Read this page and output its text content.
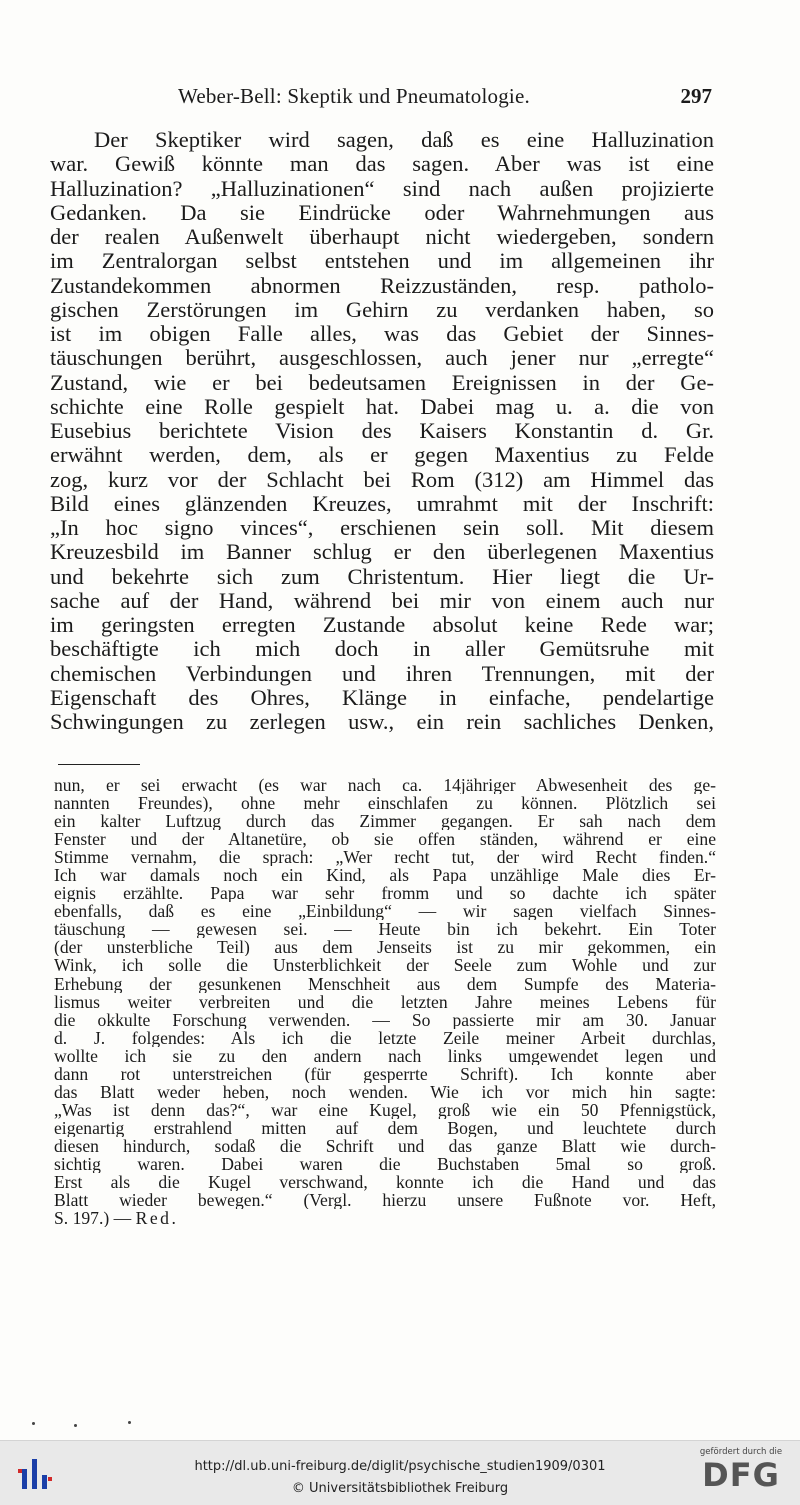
Weber-Bell: Skeptik und Pneumatologie.	297
Der Skeptiker wird sagen, daß es eine Halluzination
war. Gewiß könnte man das sagen. Aber was ist eine
Halluzination? „Halluzinationen“ sind nach außen projizierte
Gedanken. Da sie Eindrücke oder Wahrnehmungen aus
der realen Außenwelt überhaupt nicht wiedergeben, sondern
im Zentralorgan selbst entstehen und im allgemeinen ihr
Zustandekommen abnormen Reizzuständen, resp. patholo-
gischen Zerstörungen im Gehirn zu verdanken haben, so
ist im obigen Falle alles, was das Gebiet der Sinnes-
täuschungen berührt, ausgeschlossen, auch jener nur „erregte“
Zustand, wie er bei bedeutsamen Ereignissen in der Ge-
schichte eine Rolle gespielt hat. Dabei mag u. a. die von
Eusebius berichtete Vision des Kaisers Konstantin d. Gr.
erwähnt werden, dem, als er gegen Maxentius zu Felde
zog, kurz vor der Schlacht bei Rom (312) am Himmel das
Bild eines glänzenden Kreuzes, umrahmt mit der Inschrift:
„In hoc signo vinces“, erschienen sein soll. Mit diesem
Kreuzesbild im Banner schlug er den überlegenen Maxentius
und bekehrte sich zum Christentum. Hier liegt die Ur-
sache auf der Hand, während bei mir von einem auch nur
im geringsten erregten Zustande absolut keine Rede war;
beschäftigte ich mich doch in aller Gemütsruhe mit
chemischen Verbindungen und ihren Trennungen, mit der
Eigenschaft des Ohres, Klänge in einfache, pendelartige
Schwingungen zu zerlegen usw., ein rein sachliches Denken,
nun, er sei erwacht (es war nach ca. 14jähriger Abwesenheit des ge-
nannten Freundes), ohne mehr einschlafen zu können. Plötzlich sei
ein kalter Luftzug durch das Zimmer gegangen. Er sah nach dem
Fenster und der Altanetüre, ob sie offen ständen, während er eine
Stimme vernahm, die sprach: „Wer recht tut, der wird Recht finden.“
Ich war damals noch ein Kind, als Papa unzählige Male dies Er-
eignis erzählte. Papa war sehr fromm und so dachte ich später
ebenfalls, daß es eine „Einbildung“ — wir sagen vielfach Sinnes-
täuschung — gewesen sei. — Heute bin ich bekehrt. Ein Toter
(der unsterbliche Teil) aus dem Jenseits ist zu mir gekommen, ein
Wink, ich solle die Unsterblichkeit der Seele zum Wohle und zur
Erhebung der gesunkenen Menschheit aus dem Sumpfe des Materia-
lismus weiter verbreiten und die letzten Jahre meines Lebens für
die okkulte Forschung verwenden. — So passierte mir am 30. Januar
d. J. folgendes: Als ich die letzte Zeile meiner Arbeit durchlas,
wollte ich sie zu den andern nach links umgewendet legen und
dann rot unterstreichen (für gesperrte Schrift). Ich konnte aber
das Blatt weder heben, noch wenden. Wie ich vor mich hin sagte:
„Was ist denn das?“, war eine Kugel, groß wie ein 50 Pfennigstück,
eigenartig erstrahlend mitten auf dem Bogen, und leuchtete durch
diesen hindurch, sodaß die Schrift und das ganze Blatt wie durch-
sichtig waren. Dabei waren die Buchstaben 5mal so groß.
Erst als die Kugel verschwand, konnte ich die Hand und das
Blatt wieder bewegen.“ (Vergl. hierzu unsere Fußnote vor. Heft,
S. 197.) — Red.
http://dl.ub.uni-freiburg.de/diglit/psychische_studien1909/0301
© Universitätsbibliothek Freiburg
gefördert durch die
DFG
